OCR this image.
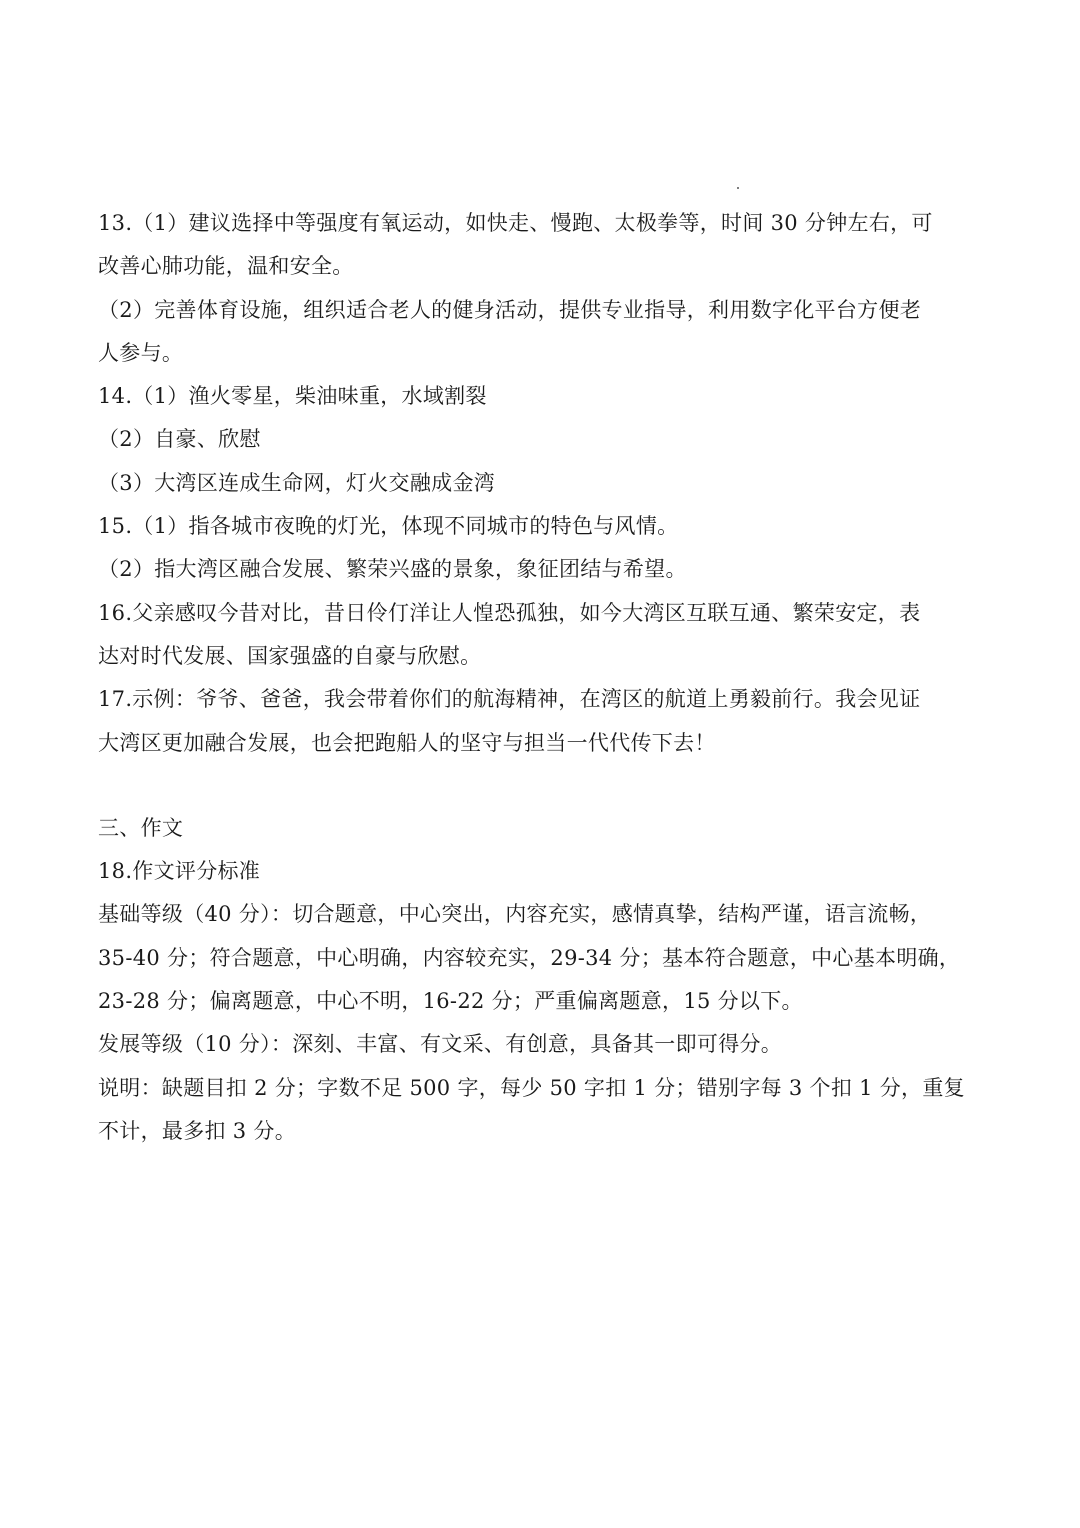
13.（1）建议选择中等强度有氧运动，如快走、慢跑、太极拳等，时间 30 分钟左右，可
改善心肺功能，温和安全。
（2）完善体育设施，组织适合老人的健身活动，提供专业指导，利用数字化平台方便老
人参与。
14.（1）渔火零星，柴油味重，水域割裂
（2）自豪、欣慰
（3）大湾区连成生命网，灯火交融成金湾
15.（1）指各城市夜晚的灯光，体现不同城市的特色与风情。
（2）指大湾区融合发展、繁荣兴盛的景象，象征团结与希望。
16.父亲感叹今昔对比，昔日伶仃洋让人惶恐孤独，如今大湾区互联互通、繁荣安定，表
达对时代发展、国家强盛的自豪与欣慰。
17.示例：爷爷、爸爸，我会带着你们的航海精神，在湾区的航道上勇毅前行。我会见证
大湾区更加融合发展，也会把跑船人的坚守与担当一代代传下去！
三、作文
18.作文评分标准
基础等级（40 分）：切合题意，中心突出，内容充实，感情真挚，结构严谨，语言流畅，
35-40 分；符合题意，中心明确，内容较充实，29-34 分；基本符合题意，中心基本明确，
23-28 分；偏离题意，中心不明，16-22 分；严重偏离题意，15 分以下。
发展等级（10 分）：深刻、丰富、有文采、有创意，具备其一即可得分。
说明：缺题目扣 2 分；字数不足 500 字，每少 50 字扣 1 分；错别字每 3 个扣 1 分，重复
不计，最多扣 3 分。
